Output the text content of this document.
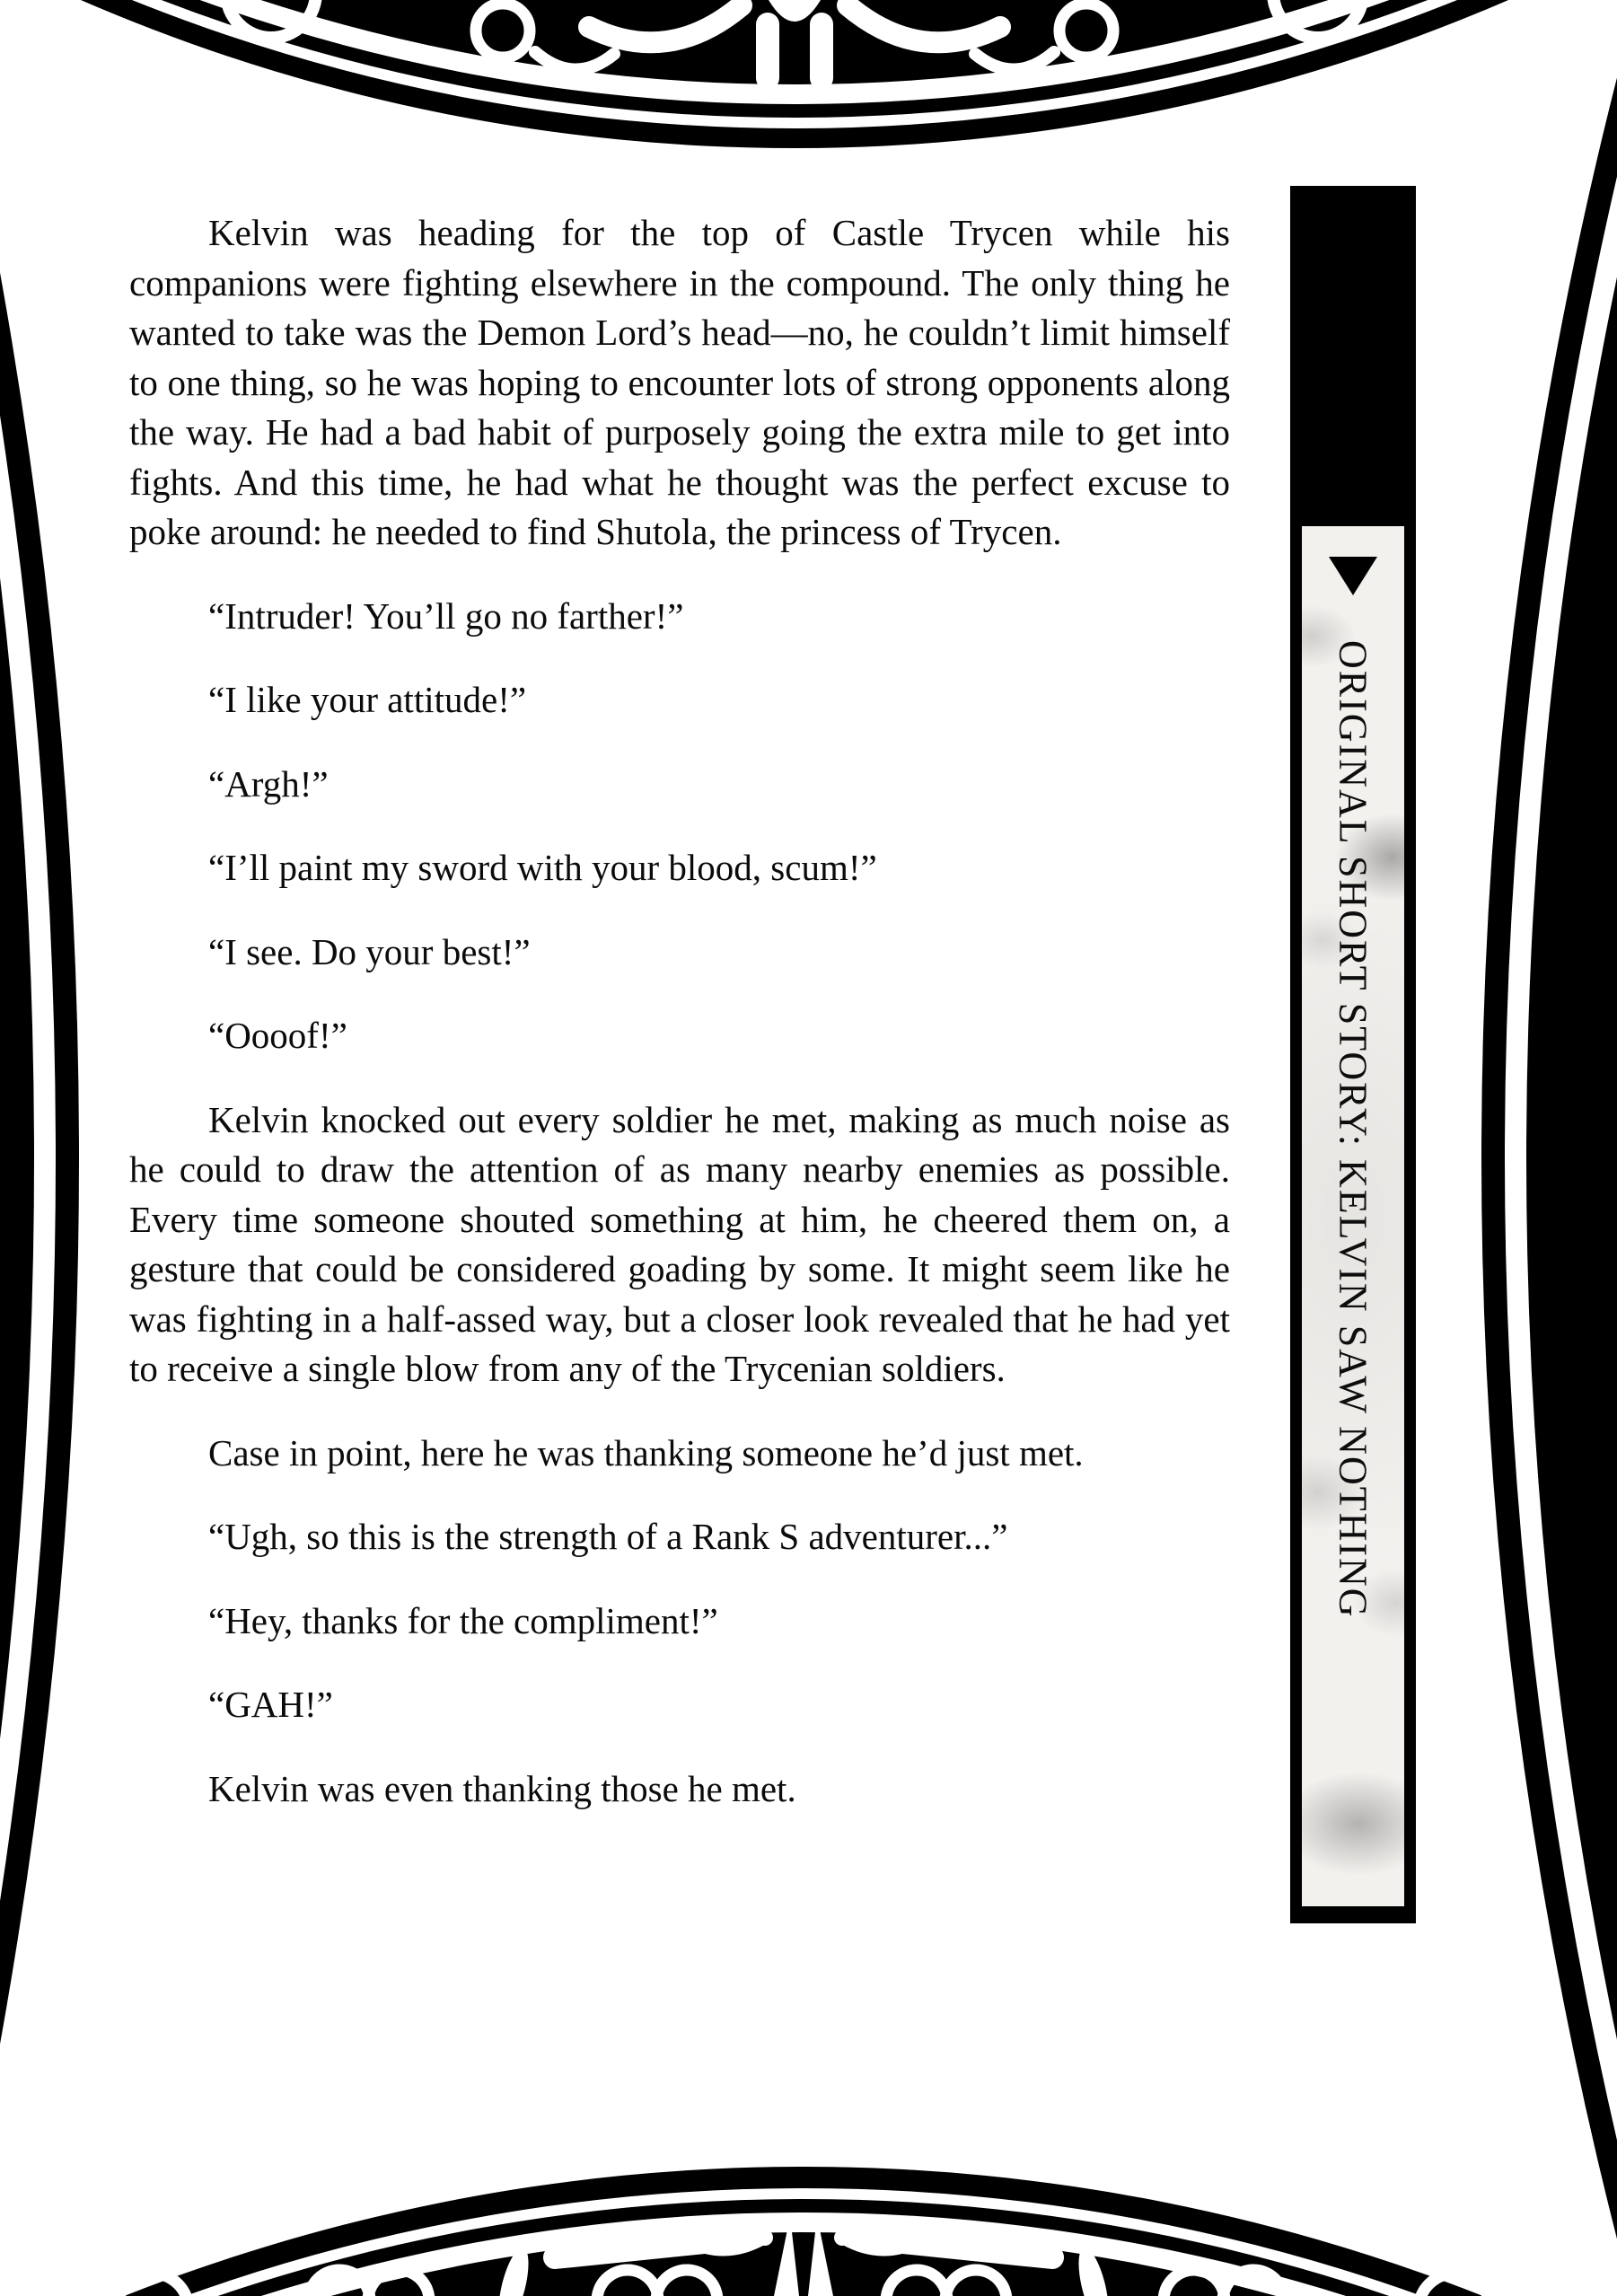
Kelvin was heading for the top of Castle Trycen while his companions were fighting elsewhere in the compound. The only thing he wanted to take was the Demon Lord’s head—no, he couldn’t limit himself to one thing, so he was hoping to encounter lots of strong opponents along the way. He had a bad habit of purposely going the extra mile to get into fights. And this time, he had what he thought was the perfect excuse to poke around: he needed to find Shutola, the princess of Trycen.

“Intruder! You’ll go no farther!”

“I like your attitude!”

“Argh!”

“I’ll paint my sword with your blood, scum!”

“I see. Do your best!”

“Oooof!”

Kelvin knocked out every soldier he met, making as much noise as he could to draw the attention of as many nearby enemies as possible. Every time someone shouted something at him, he cheered them on, a gesture that could be considered goading by some. It might seem like he was fighting in a half-assed way, but a closer look revealed that he had yet to receive a single blow from any of the Trycenian soldiers.

Case in point, here he was thanking someone he’d just met.

“Ugh, so this is the strength of a Rank S adventurer...”

“Hey, thanks for the compliment!”

“GAH!”

Kelvin was even thanking those he met.

ORIGINAL SHORT STORY: KELVIN SAW NOTHING
